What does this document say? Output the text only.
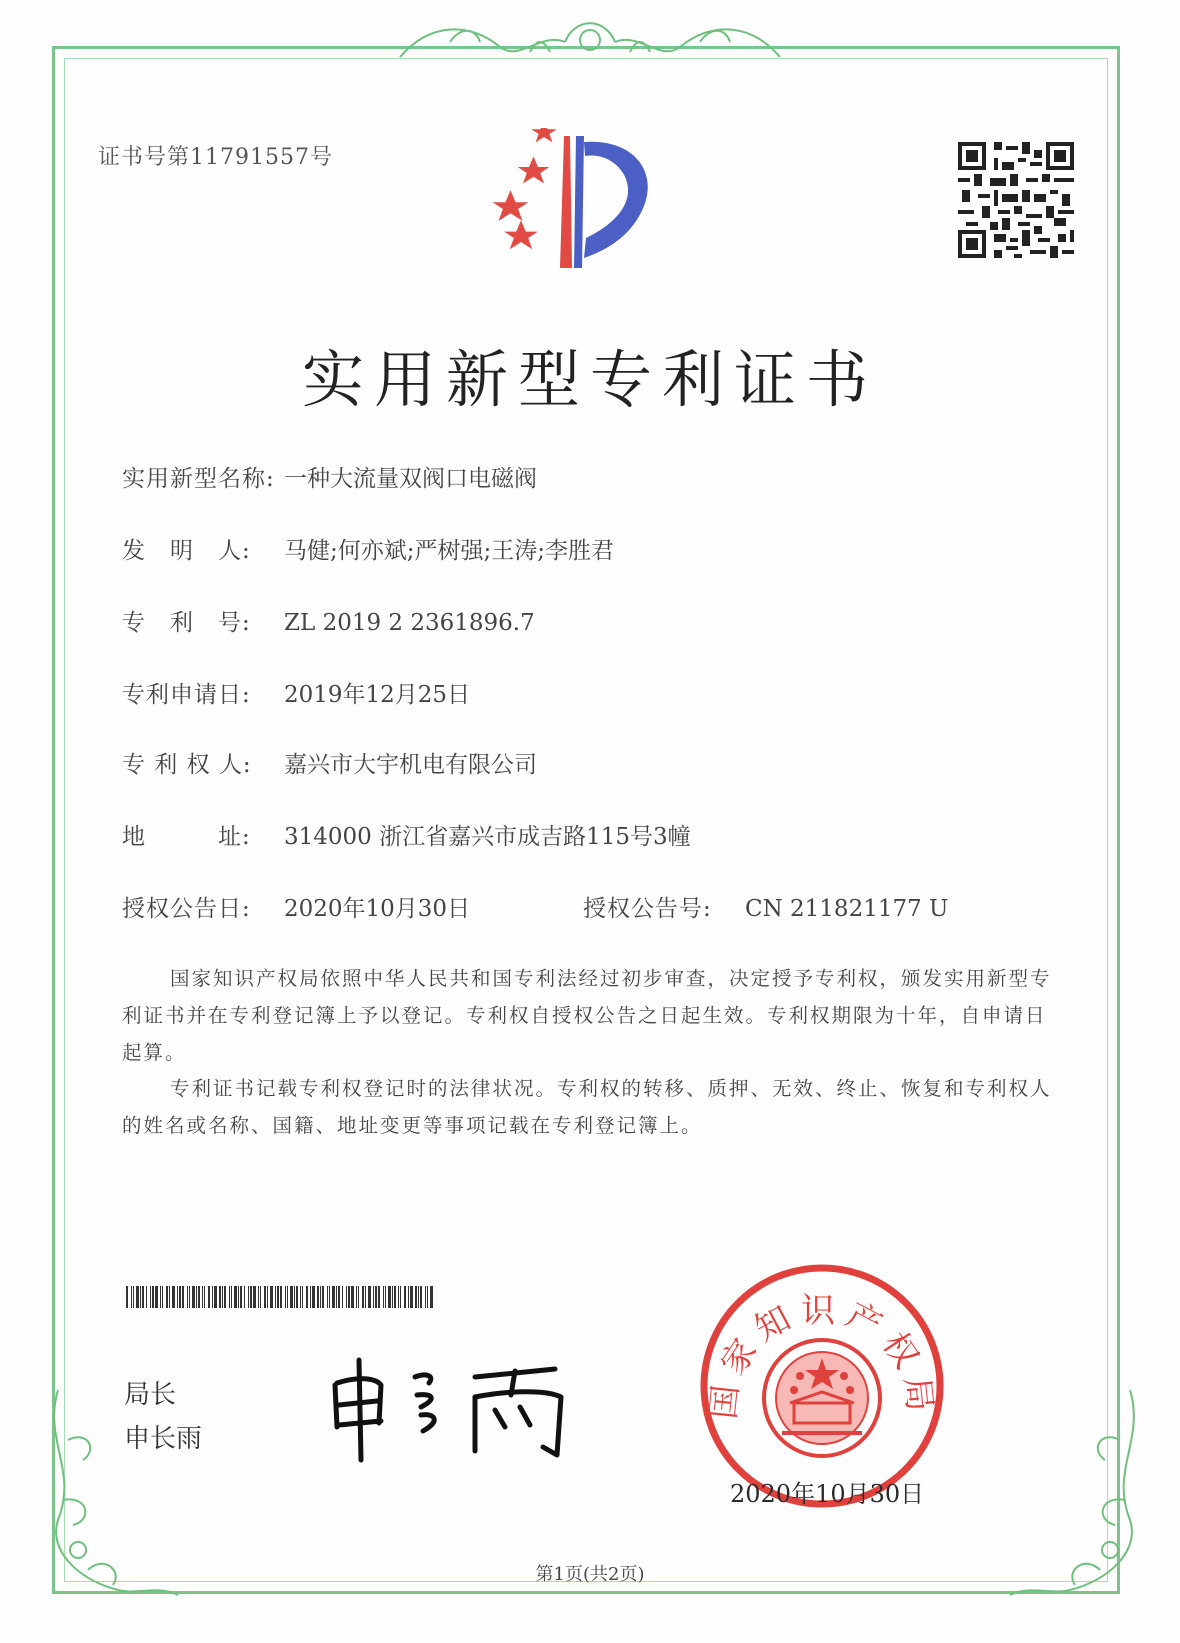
证书号第11791557号
实用新型专利证书
实用新型名称: 一种大流量双阀口电磁阀
发　明　人: 马健;何亦斌;严树强;王涛;李胜君
专　利　号: ZL 2019 2 2361896.7
专利申请日: 2019年12月25日
专 利 权 人: 嘉兴市大宇机电有限公司
地　　　址: 314000 浙江省嘉兴市成吉路115号3幢
授权公告日: 2020年10月30日	授权公告号: CN 211821177 U
国家知识产权局依照中华人民共和国专利法经过初步审查，决定授予专利权，颁发实用新型专利证书并在专利登记簿上予以登记。专利权自授权公告之日起生效。专利权期限为十年，自申请日起算。
专利证书记载专利权登记时的法律状况。专利权的转移、质押、无效、终止、恢复和专利权人的姓名或名称、国籍、地址变更等事项记载在专利登记簿上。
局长
申长雨
国家知识产权局
2020年10月30日
第1页(共2页)
